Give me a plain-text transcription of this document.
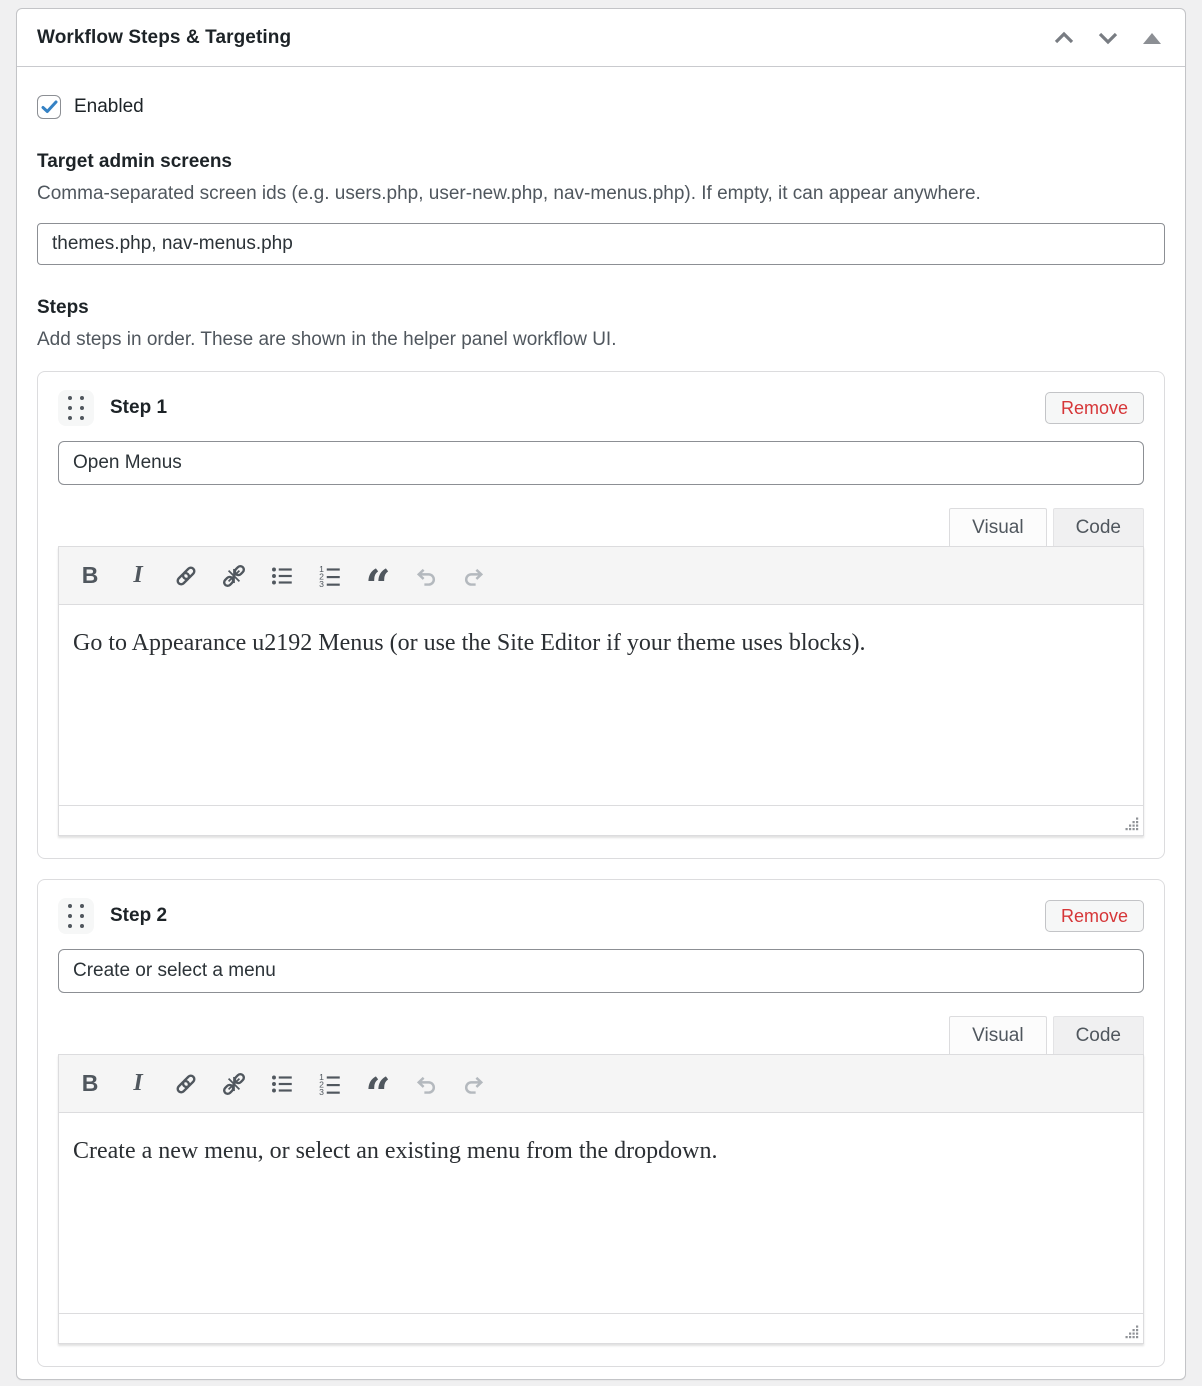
Workflow Steps & Targeting
Enabled

Target admin screens

Comma-separated screen ids (e.g. users.php, user-new.php, nav-menus.php). If empty, it can appear anywhere.

themes.php, nav-menus.php

Steps

Add steps in order. These are shown in the helper panel workflow UI.

Step 1	Remove
Open Menus
Visual	Code
B I	1
2
3 “

Go to Appearance u2192 Menus (or use the Site Editor if your theme uses blocks).

Step 2	Remove
Create or select a menu
Visual	Code
B I	1
2
3 “

Create a new menu, or select an existing menu from the dropdown.
